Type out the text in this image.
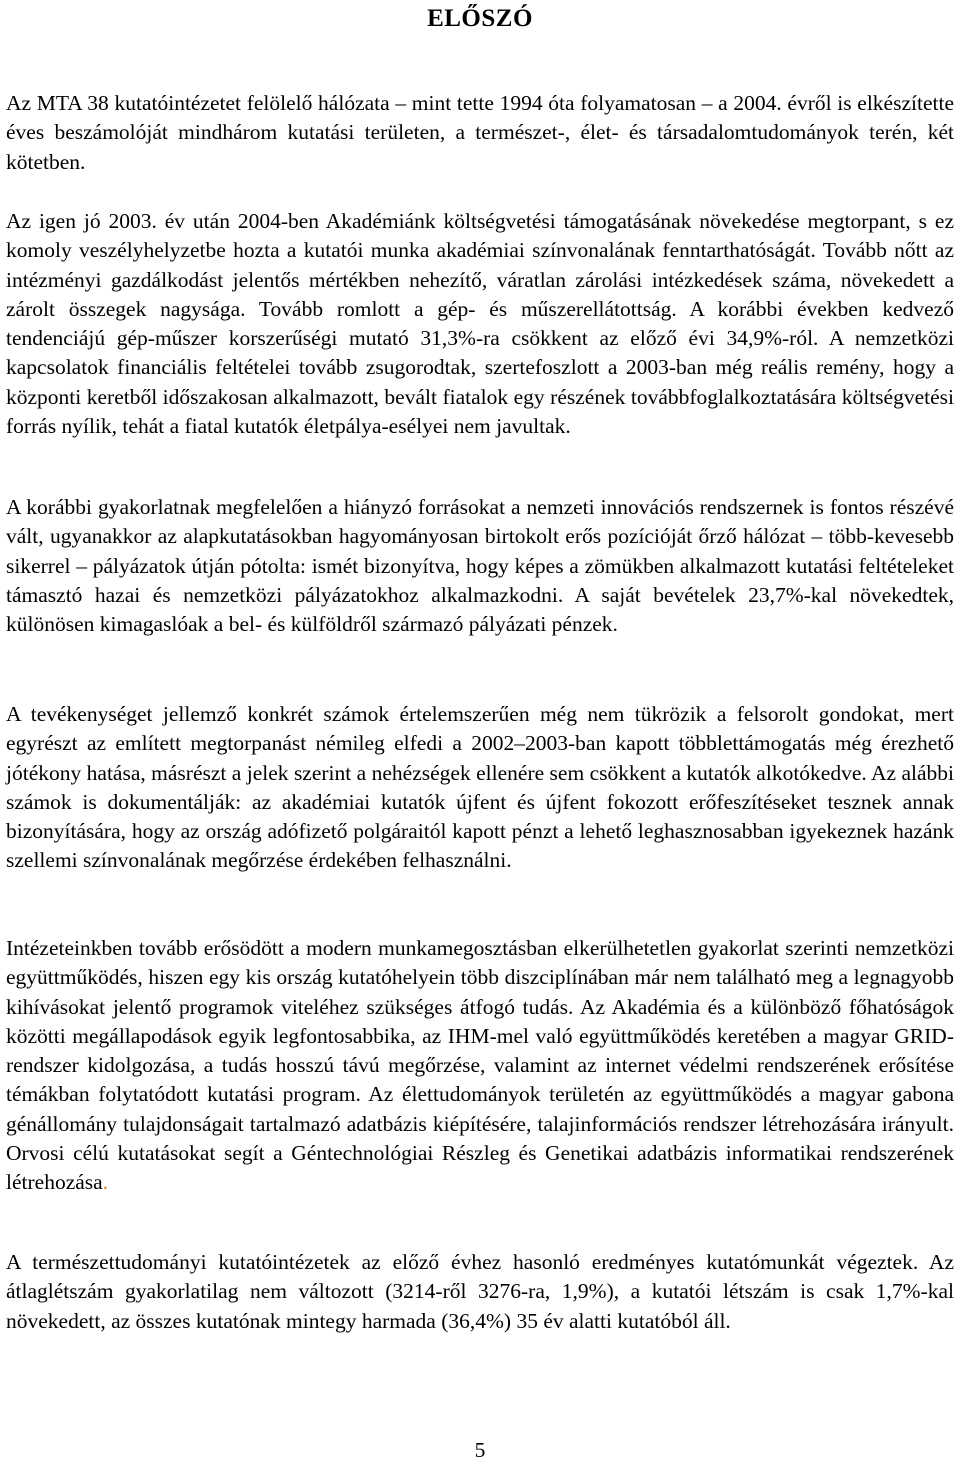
ELŐSZÓ

Az MTA 38 kutatóintézetet felölelő hálózata – mint tette 1994 óta folyamatosan – a 2004. évről is elkészítette éves beszámolóját mindhárom kutatási területen, a természet-, élet- és társadalomtudományok terén, két kötetben.

Az igen jó 2003. év után 2004-ben Akadémiánk költségvetési támogatásának növekedése megtorpant, s ez komoly veszélyhelyzetbe hozta a kutatói munka akadémiai színvonalának fenntarthatóságát. Tovább nőtt az intézményi gazdálkodást jelentős mértékben nehezítő, váratlan zárolási intézkedések száma, növekedett a zárolt összegek nagysága. Tovább romlott a gép- és műszerellátottság. A korábbi években kedvező tendenciájú gép-műszer korszerűségi mutató 31,3%-ra csökkent az előző évi 34,9%-ról. A nemzetközi kapcsolatok financiális feltételei tovább zsugorodtak, szertefoszlott a 2003-ban még reális remény, hogy a központi keretből időszakosan alkalmazott, bevált fiatalok egy részének továbbfoglalkoztatására költségvetési forrás nyílik, tehát a fiatal kutatók életpálya-esélyei nem javultak.

A korábbi gyakorlatnak megfelelően a hiányzó forrásokat a nemzeti innovációs rendszernek is fontos részévé vált, ugyanakkor az alapkutatásokban hagyományosan birtokolt erős pozícióját őrző hálózat – több-kevesebb sikerrel – pályázatok útján pótolta: ismét bizonyítva, hogy képes a zömükben alkalmazott kutatási feltételeket támasztó hazai és nemzetközi pályázatokhoz alkalmazkodni. A saját bevételek 23,7%-kal növekedtek, különösen kimagaslóak a bel- és külföldről származó pályázati pénzek.

A tevékenységet jellemző konkrét számok értelemszerűen még nem tükrözik a felsorolt gondokat, mert egyrészt az említett megtorpanást némileg elfedi a 2002–2003-ban kapott többlettámogatás még érezhető jótékony hatása, másrészt a jelek szerint a nehézségek ellenére sem csökkent a kutatók alkotókedve. Az alábbi számok is dokumentálják: az akadémiai kutatók újfent és újfent fokozott erőfeszítéseket tesznek annak bizonyítására, hogy az ország adófizető polgáraitól kapott pénzt a lehető leghasznosabban igyekeznek hazánk szellemi színvonalának megőrzése érdekében felhasználni.

Intézeteinkben tovább erősödött a modern munkamegosztásban elkerülhetetlen gyakorlat szerinti nemzetközi együttműködés, hiszen egy kis ország kutatóhelyein több diszciplínában már nem található meg a legnagyobb kihívásokat jelentő programok viteléhez szükséges átfogó tudás. Az Akadémia és a különböző főhatóságok közötti megállapodások egyik legfontosabbika, az IHM-mel való együttműködés keretében a magyar GRID-rendszer kidolgozása, a tudás hosszú távú megőrzése, valamint az internet védelmi rendszerének erősítése témákban folytatódott kutatási program. Az élettudományok területén az együttműködés a magyar gabona génállomány tulajdonságait tartalmazó adatbázis kiépítésére, talajinformációs rendszer létrehozására irányult. Orvosi célú kutatásokat segít a Géntechnológiai Részleg és Genetikai adatbázis informatikai rendszerének létrehozása.

A természettudományi kutatóintézetek az előző évhez hasonló eredményes kutatómunkát végeztek. Az átlaglétszám gyakorlatilag nem változott (3214-ről 3276-ra, 1,9%), a kutatói létszám is csak 1,7%-kal növekedett, az összes kutatónak mintegy harmada (36,4%) 35 év alatti kutatóból áll.

5
